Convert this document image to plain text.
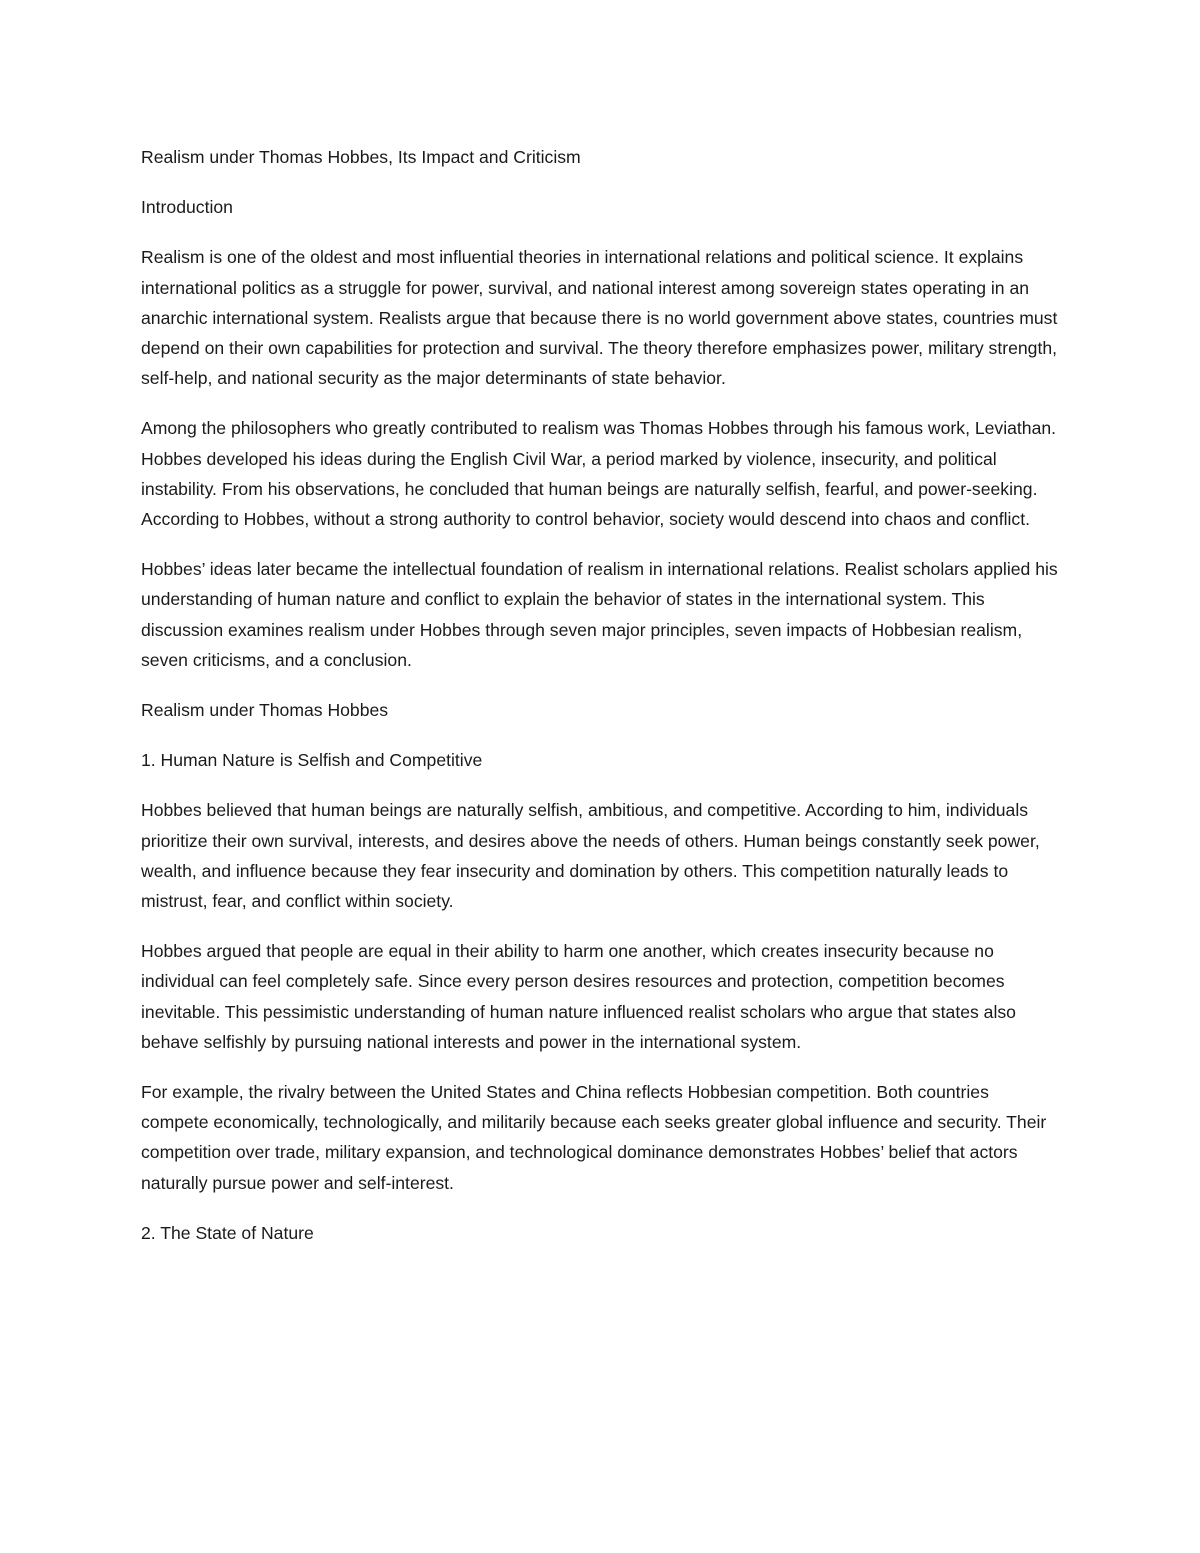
Realism under Thomas Hobbes, Its Impact and Criticism

Introduction

Realism is one of the oldest and most influential theories in international relations and political science. It explains international politics as a struggle for power, survival, and national interest among sovereign states operating in an anarchic international system. Realists argue that because there is no world government above states, countries must depend on their own capabilities for protection and survival. The theory therefore emphasizes power, military strength, self-help, and national security as the major determinants of state behavior.

Among the philosophers who greatly contributed to realism was Thomas Hobbes through his famous work, Leviathan. Hobbes developed his ideas during the English Civil War, a period marked by violence, insecurity, and political instability. From his observations, he concluded that human beings are naturally selfish, fearful, and power-seeking. According to Hobbes, without a strong authority to control behavior, society would descend into chaos and conflict.

Hobbes’ ideas later became the intellectual foundation of realism in international relations. Realist scholars applied his understanding of human nature and conflict to explain the behavior of states in the international system. This discussion examines realism under Hobbes through seven major principles, seven impacts of Hobbesian realism, seven criticisms, and a conclusion.

Realism under Thomas Hobbes

1. Human Nature is Selfish and Competitive

Hobbes believed that human beings are naturally selfish, ambitious, and competitive. According to him, individuals prioritize their own survival, interests, and desires above the needs of others. Human beings constantly seek power, wealth, and influence because they fear insecurity and domination by others. This competition naturally leads to mistrust, fear, and conflict within society.

Hobbes argued that people are equal in their ability to harm one another, which creates insecurity because no individual can feel completely safe. Since every person desires resources and protection, competition becomes inevitable. This pessimistic understanding of human nature influenced realist scholars who argue that states also behave selfishly by pursuing national interests and power in the international system.

For example, the rivalry between the United States and China reflects Hobbesian competition. Both countries compete economically, technologically, and militarily because each seeks greater global influence and security. Their competition over trade, military expansion, and technological dominance demonstrates Hobbes’ belief that actors naturally pursue power and self-interest.

2. The State of Nature
